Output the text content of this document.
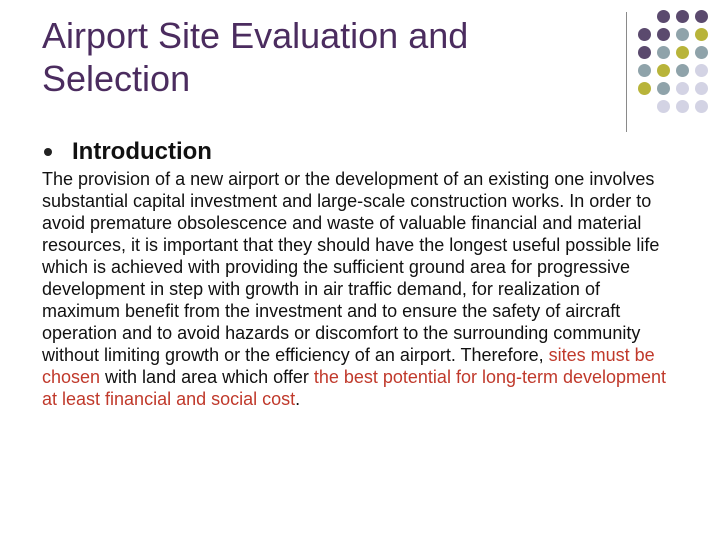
Airport Site Evaluation and
Selection
Introduction

The provision of a new airport or the development of an existing one involves substantial capital investment and large-scale construction works. In order to avoid premature obsolescence and waste of valuable financial and material resources, it is important that they should have the longest useful possible life which is achieved with providing the sufficient ground area for progressive development in step with growth in air traffic demand, for realization of maximum benefit from the investment and to ensure the safety of aircraft operation and to avoid hazards or discomfort to the surrounding community without limiting growth or the efficiency of an airport. Therefore, sites must be chosen with land area which offer the best potential for long-term development at least financial and social cost.
